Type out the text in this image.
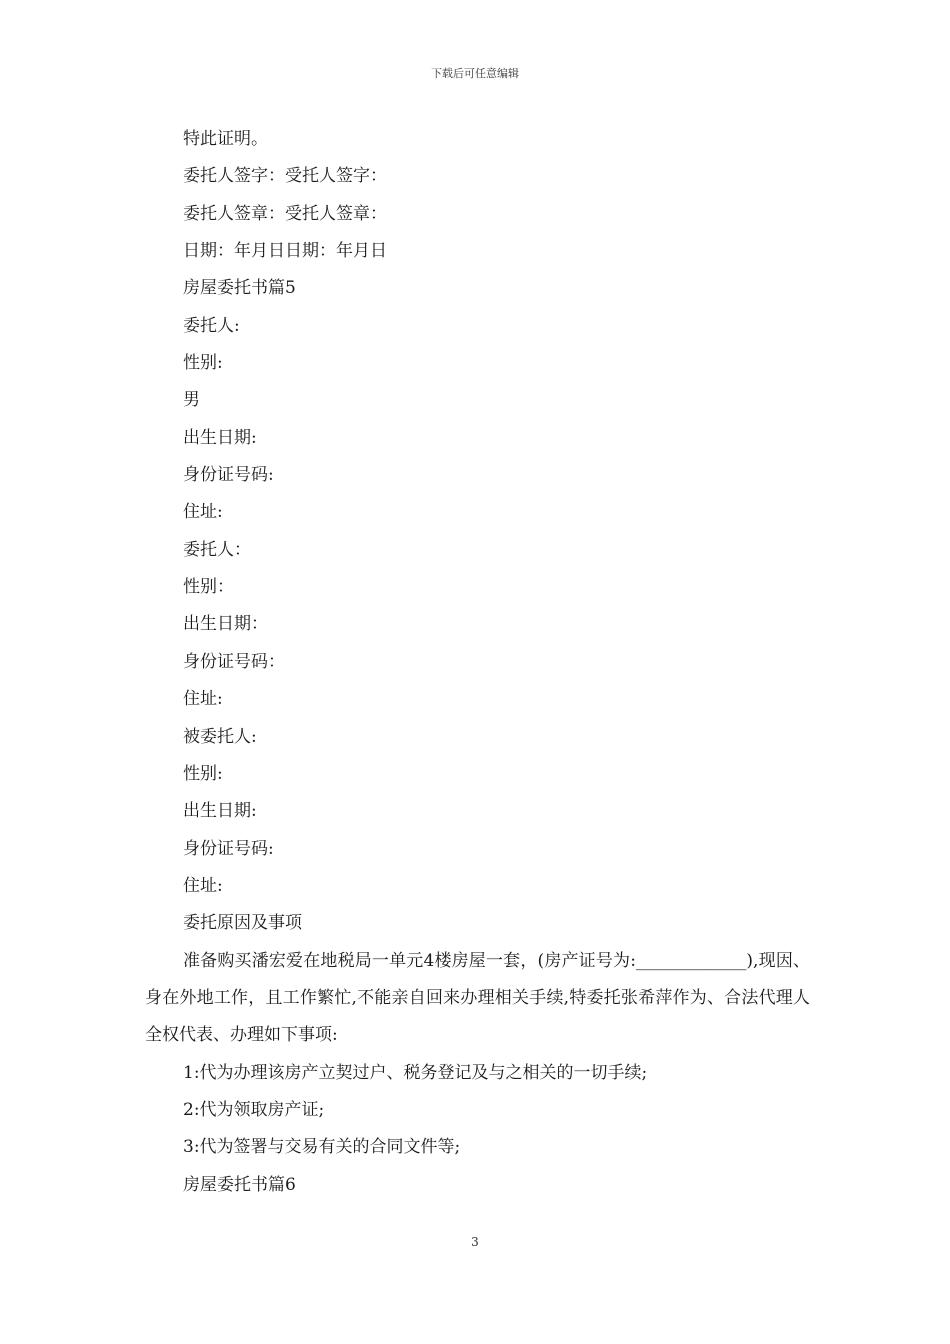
下载后可任意编辑
特此证明。
委托人签字：受托人签字：
委托人签章：受托人签章：
日期：年月日日期：年月日
房屋委托书篇5
委托人:
性别:
男
出生日期:
身份证号码:
住址:
委托人：
性别：
出生日期：
身份证号码：
住址:
被委托人:
性别:
出生日期:
身份证号码:
住址:
委托原因及事项
准备购买潘宏爱在地税局一单元4楼房屋一套，(房产证号为:_____________),现因、身在外地工作，且工作繁忙,不能亲自回来办理相关手续,特委托张希萍作为、合法代理人全权代表、办理如下事项:
1:代为办理该房产立契过户、税务登记及与之相关的一切手续;
2:代为领取房产证;
3:代为签署与交易有关的合同文件等;
房屋委托书篇6
3
